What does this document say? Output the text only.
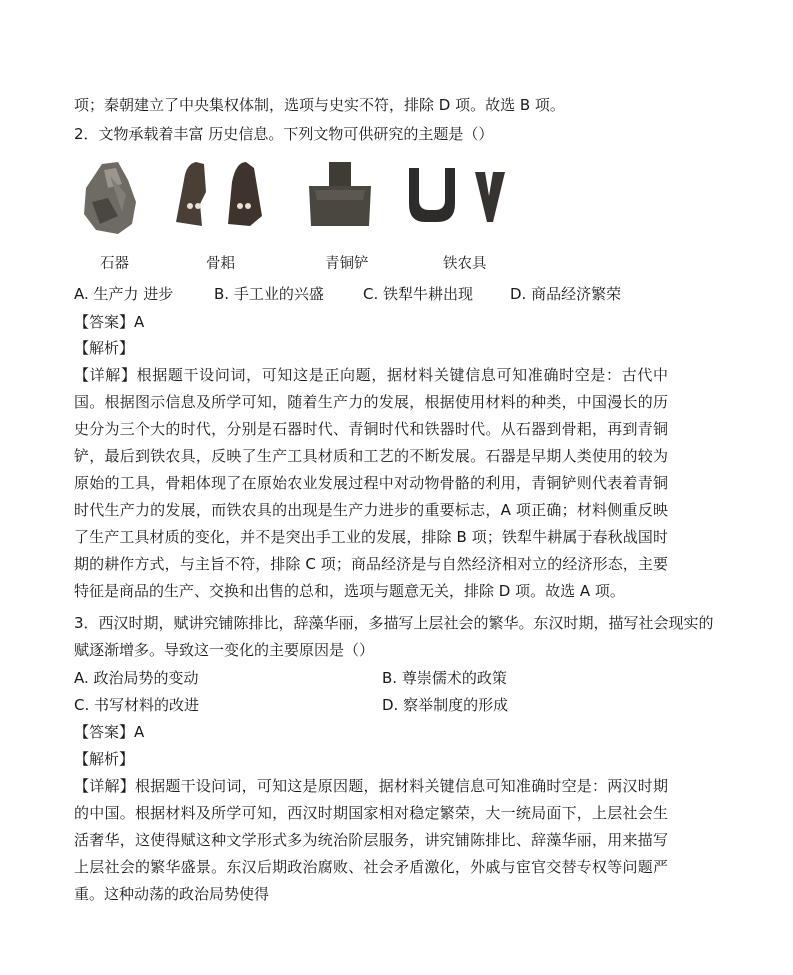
项；秦朝建立了中央集权体制，选项与史实不符，排除 D 项。故选 B 项。
2．文物承载着丰富 历史信息。下列文物可供研究的主题是（）
石器	骨耜	青铜铲	铁农具
A. 生产力 进步	B. 手工业的兴盛	C. 铁犁牛耕出现 D. 商品经济繁荣
【答案】A
【解析】
【详解】根据题干设问词，可知这是正向题，据材料关键信息可知准确时空是：古代中国。根据图示信息及所学可知，随着生产力的发展，根据使用材料的种类，中国漫长的历史分为三个大的时代，分别是石器时代、青铜时代和铁器时代。从石器到骨耜，再到青铜铲，最后到铁农具，反映了生产工具材质和工艺的不断发展。石器是早期人类使用的较为原始的工具，骨耜体现了在原始农业发展过程中对动物骨骼的利用，青铜铲则代表着青铜时代生产力的发展，而铁农具的出现是生产力进步的重要标志，A 项正确；材料侧重反映了生产工具材质的变化，并不是突出手工业的发展，排除 B 项；铁犁牛耕属于春秋战国时期的耕作方式，与主旨不符，排除 C 项；商品经济是与自然经济相对立的经济形态，主要特征是商品的生产、交换和出售的总和，选项与题意无关，排除 D 项。故选 A 项。
3．西汉时期，赋讲究铺陈排比，辞藻华丽，多描写上层社会的繁华。东汉时期，描写社会现实的
赋逐渐增多。导致这一变化的主要原因是（）
A. 政治局势的变动	B. 尊崇儒术的政策
C. 书写材料的改进	D. 察举制度的形成
【答案】A
【解析】
【详解】根据题干设问词，可知这是原因题，据材料关键信息可知准确时空是：两汉时期的中国。根据材料及所学可知，西汉时期国家相对稳定繁荣，大一统局面下，上层社会生活奢华，这使得赋这种文学形式多为统治阶层服务，讲究铺陈排比、辞藻华丽，用来描写上层社会的繁华盛景。东汉后期政治腐败、社会矛盾激化，外戚与宦官交替专权等问题严重。这种动荡的政治局势使得
